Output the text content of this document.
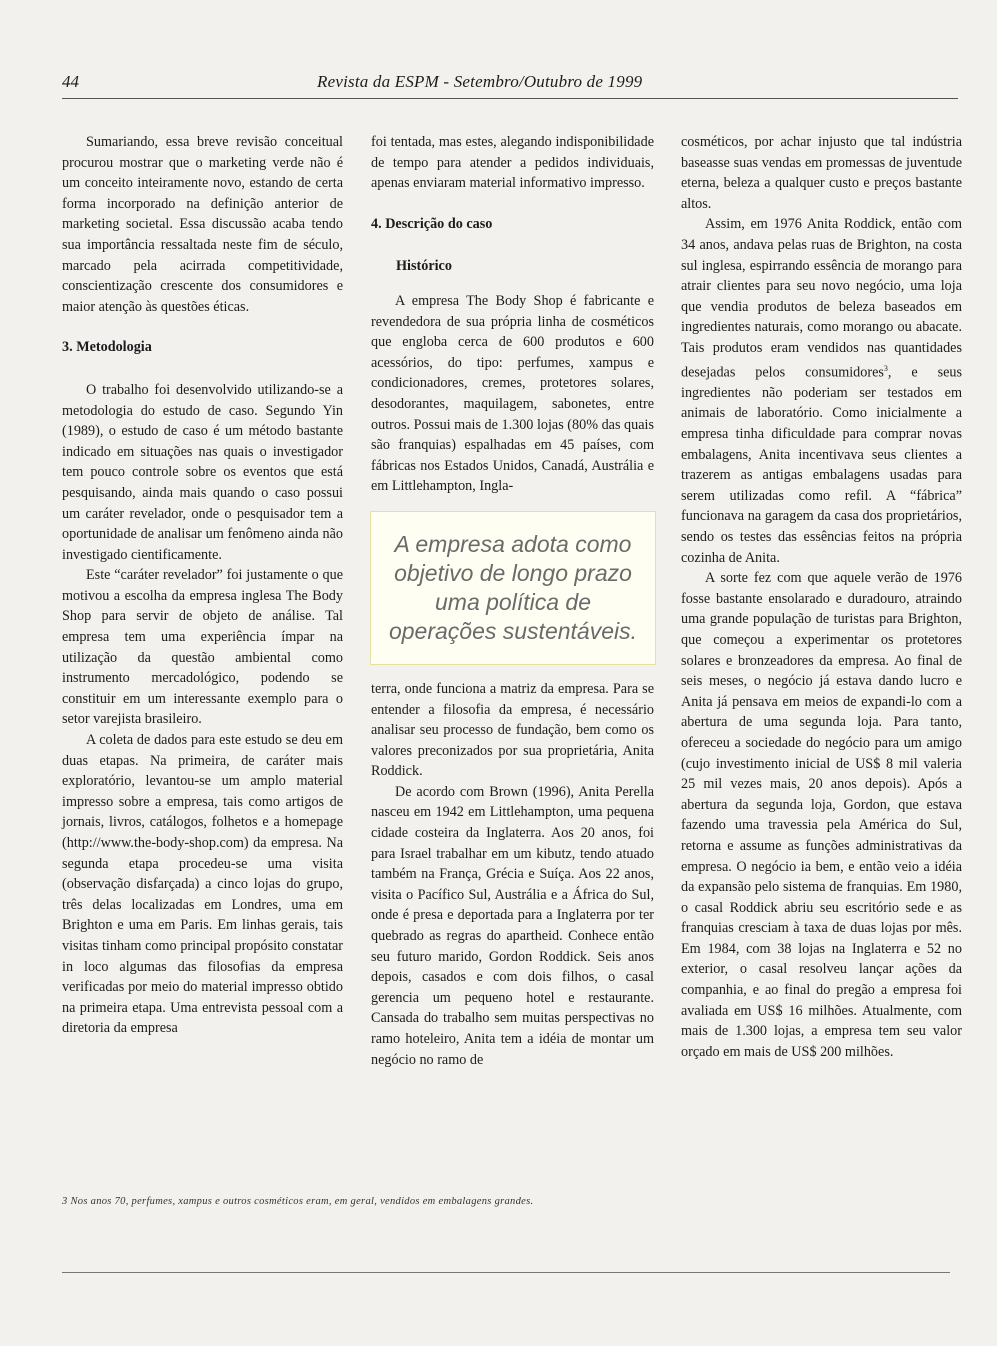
44	Revista da ESPM - Setembro/Outubro de 1999

Sumariando, essa breve revisão conceitual procurou mostrar que o marketing verde não é um conceito inteiramente novo, estando de certa forma incorporado na definição anterior de marketing societal. Essa discussão acaba tendo sua importância ressaltada neste fim de século, marcado pela acirrada competitividade, conscientização crescente dos consumidores e maior atenção às questões éticas.

3. Metodologia

O trabalho foi desenvolvido utilizando-se a metodologia do estudo de caso. Segundo Yin (1989), o estudo de caso é um método bastante indicado em situações nas quais o investigador tem pouco controle sobre os eventos que está pesquisando, ainda mais quando o caso possui um caráter revelador, onde o pesquisador tem a oportunidade de analisar um fenômeno ainda não investigado cientificamente.

Este “caráter revelador” foi justamente o que motivou a escolha da empresa inglesa The Body Shop para servir de objeto de análise. Tal empresa tem uma experiência ímpar na utilização da questão ambiental como instrumento mercadológico, podendo se constituir em um interessante exemplo para o setor varejista brasileiro.

A coleta de dados para este estudo se deu em duas etapas. Na primeira, de caráter mais exploratório, levantou-se um amplo material impresso sobre a empresa, tais como artigos de jornais, livros, catálogos, folhetos e a homepage (http://www.the-body-shop.com) da empresa. Na segunda etapa procedeu-se uma visita (observação disfarçada) a cinco lojas do grupo, três delas localizadas em Londres, uma em Brighton e uma em Paris. Em linhas gerais, tais visitas tinham como principal propósito constatar in loco algumas das filosofias da empresa verificadas por meio do material impresso obtido na primeira etapa. Uma entrevista pessoal com a diretoria da empresa

foi tentada, mas estes, alegando indisponibilidade de tempo para atender a pedidos individuais, apenas enviaram material informativo impresso.

4. Descrição do caso

Histórico

A empresa The Body Shop é fabricante e revendedora de sua própria linha de cosméticos que engloba cerca de 600 produtos e 600 acessórios, do tipo: perfumes, xampus e condicionadores, cremes, protetores solares, desodorantes, maquilagem, sabonetes, entre outros. Possui mais de 1.300 lojas (80% das quais são franquias) espalhadas em 45 países, com fábricas nos Estados Unidos, Canadá, Austrália e em Littlehampton, Ingla-

A empresa adota como objetivo de longo prazo uma política de operações sustentáveis.

terra, onde funciona a matriz da empresa. Para se entender a filosofia da empresa, é necessário analisar seu processo de fundação, bem como os valores preconizados por sua proprietária, Anita Roddick.

De acordo com Brown (1996), Anita Perella nasceu em 1942 em Littlehampton, uma pequena cidade costeira da Inglaterra. Aos 20 anos, foi para Israel trabalhar em um kibutz, tendo atuado também na França, Grécia e Suíça. Aos 22 anos, visita o Pacífico Sul, Austrália e a África do Sul, onde é presa e deportada para a Inglaterra por ter quebrado as regras do apartheid. Conhece então seu futuro marido, Gordon Roddick. Seis anos depois, casados e com dois filhos, o casal gerencia um pequeno hotel e restaurante. Cansada do trabalho sem muitas perspectivas no ramo hoteleiro, Anita tem a idéia de montar um negócio no ramo de

cosméticos, por achar injusto que tal indústria baseasse suas vendas em promessas de juventude eterna, beleza a qualquer custo e preços bastante altos.

Assim, em 1976 Anita Roddick, então com 34 anos, andava pelas ruas de Brighton, na costa sul inglesa, espirrando essência de morango para atrair clientes para seu novo negócio, uma loja que vendia produtos de beleza baseados em ingredientes naturais, como morango ou abacate. Tais produtos eram vendidos nas quantidades desejadas pelos consumidores$^3$, e seus ingredientes não poderiam ser testados em animais de laboratório. Como inicialmente a empresa tinha dificuldade para comprar novas embalagens, Anita incentivava seus clientes a trazerem as antigas embalagens usadas para serem utilizadas como refil. A “fábrica” funcionava na garagem da casa dos proprietários, sendo os testes das essências feitos na própria cozinha de Anita.

A sorte fez com que aquele verão de 1976 fosse bastante ensolarado e duradouro, atraindo uma grande população de turistas para Brighton, que começou a experimentar os protetores solares e bronzeadores da empresa. Ao final de seis meses, o negócio já estava dando lucro e Anita já pensava em meios de expandi-lo com a abertura de uma segunda loja. Para tanto, ofereceu a sociedade do negócio para um amigo (cujo investimento inicial de US$ 8 mil valeria 25 mil vezes mais, 20 anos depois). Após a abertura da segunda loja, Gordon, que estava fazendo uma travessia pela América do Sul, retorna e assume as funções administrativas da empresa. O negócio ia bem, e então veio a idéia da expansão pelo sistema de franquias. Em 1980, o casal Roddick abriu seu escritório sede e as franquias cresciam à taxa de duas lojas por mês. Em 1984, com 38 lojas na Inglaterra e 52 no exterior, o casal resolveu lançar ações da companhia, e ao final do pregão a empresa foi avaliada em US$ 16 milhões. Atualmente, com mais de 1.300 lojas, a empresa tem seu valor orçado em mais de US$ 200 milhões.

3 Nos anos 70, perfumes, xampus e outros cosméticos eram, em geral, vendidos em embalagens grandes.
